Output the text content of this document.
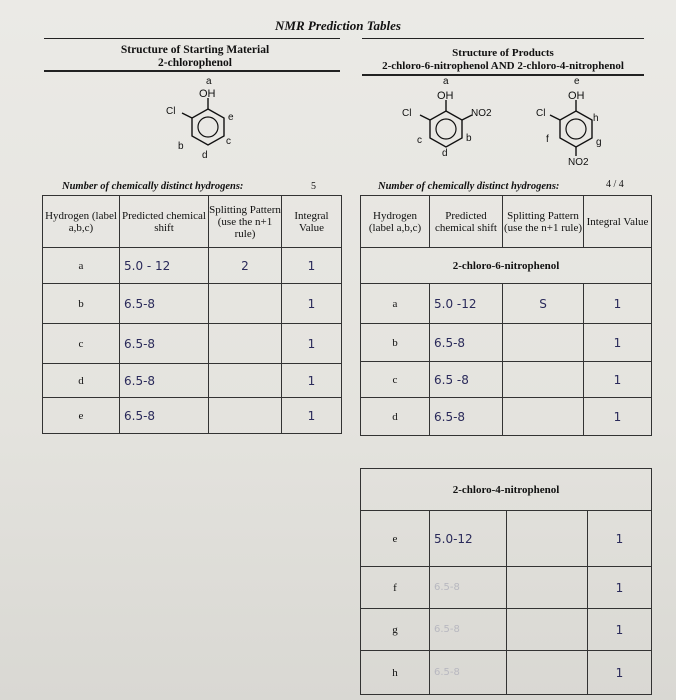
NMR Prediction Tables
Structure of Starting Material
2-chlorophenol
a
OH
Cl
e
c
b
d
Number of chemically distinct hydrogens:	5
Hydrogen (label a,b,c)	Predicted chemical shift	Splitting Pattern (use the n+1 rule)	Integral Value
a	5.0 - 12	2	1
b	6.5-8		1
c	6.5-8		1
d	6.5-8		1
e	6.5-8		1
Structure of Products
2-chloro-6-nitrophenol AND 2-chloro-4-nitrophenol
a
OH
Cl	NO2
c	b
d
e
OH
Cl	h
f	g
NO2
Number of chemically distinct hydrogens:	4 / 4
Hydrogen (label a,b,c)	Predicted chemical shift	Splitting Pattern (use the n+1 rule)	Integral Value
2-chloro-6-nitrophenol			
a	5.0 -12	S	1
b	6.5-8		1
c	6.5 -8		1
d	6.5-8		1
2-chloro-4-nitrophenol			
e	5.0-12		1
f	6.5-8		1
g	6.5-8		1
h	6.5-8		1
